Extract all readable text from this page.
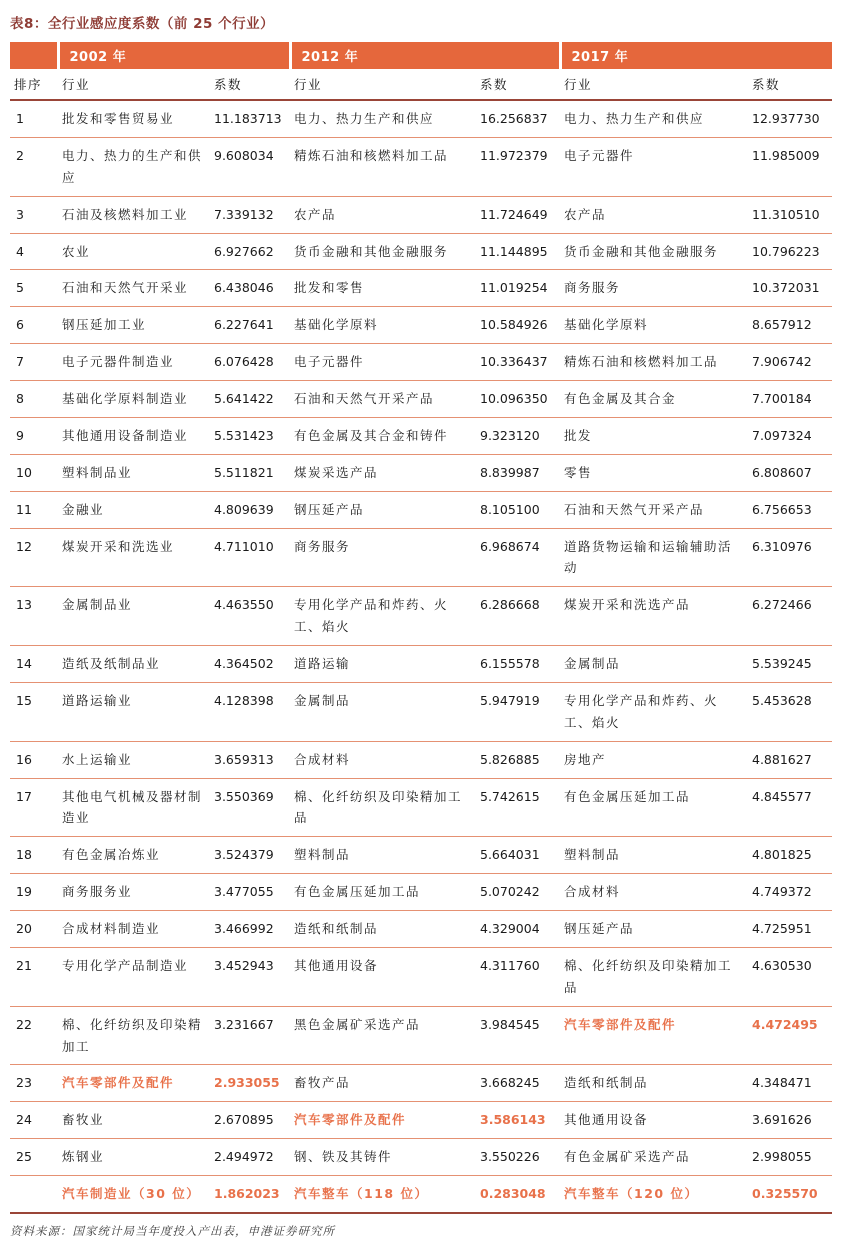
表8：全行业感应度系数（前 25 个行业）
	2002 年		2012 年		2017 年	
排序	行业	系数	行业	系数	行业	系数
1	批发和零售贸易业	11.183713	电力、热力生产和供应	16.256837	电力、热力生产和供应	12.937730
2	电力、热力的生产和供应	9.608034	精炼石油和核燃料加工品	11.972379	电子元器件	11.985009
3	石油及核燃料加工业	7.339132	农产品	11.724649	农产品	11.310510
4	农业	6.927662	货币金融和其他金融服务	11.144895	货币金融和其他金融服务	10.796223
5	石油和天然气开采业	6.438046	批发和零售	11.019254	商务服务	10.372031
6	钢压延加工业	6.227641	基础化学原料	10.584926	基础化学原料	8.657912
7	电子元器件制造业	6.076428	电子元器件	10.336437	精炼石油和核燃料加工品	7.906742
8	基础化学原料制造业	5.641422	石油和天然气开采产品	10.096350	有色金属及其合金	7.700184
9	其他通用设备制造业	5.531423	有色金属及其合金和铸件	9.323120	批发	7.097324
10	塑料制品业	5.511821	煤炭采选产品	8.839987	零售	6.808607
11	金融业	4.809639	钢压延产品	8.105100	石油和天然气开采产品	6.756653
12	煤炭开采和洗选业	4.711010	商务服务	6.968674	道路货物运输和运输辅助活动	6.310976
13	金属制品业	4.463550	专用化学产品和炸药、火工、焰火	6.286668	煤炭开采和洗选产品	6.272466
14	造纸及纸制品业	4.364502	道路运输	6.155578	金属制品	5.539245
15	道路运输业	4.128398	金属制品	5.947919	专用化学产品和炸药、火工、焰火	5.453628
16	水上运输业	3.659313	合成材料	5.826885	房地产	4.881627
17	其他电气机械及器材制造业	3.550369	棉、化纤纺织及印染精加工品	5.742615	有色金属压延加工品	4.845577
18	有色金属冶炼业	3.524379	塑料制品	5.664031	塑料制品	4.801825
19	商务服务业	3.477055	有色金属压延加工品	5.070242	合成材料	4.749372
20	合成材料制造业	3.466992	造纸和纸制品	4.329004	钢压延产品	4.725951
21	专用化学产品制造业	3.452943	其他通用设备	4.311760	棉、化纤纺织及印染精加工品	4.630530
22	棉、化纤纺织及印染精加工	3.231667	黑色金属矿采选产品	3.984545	汽车零部件及配件	4.472495
23	汽车零部件及配件	2.933055	畜牧产品	3.668245	造纸和纸制品	4.348471
24	畜牧业	2.670895	汽车零部件及配件	3.586143	其他通用设备	3.691626
25	炼钢业	2.494972	钢、铁及其铸件	3.550226	有色金属矿采选产品	2.998055
	汽车制造业（30 位）	1.862023	汽车整车（118 位）	0.283048	汽车整车（120 位）	0.325570
资料来源：国家统计局当年度投入产出表，申港证券研究所
